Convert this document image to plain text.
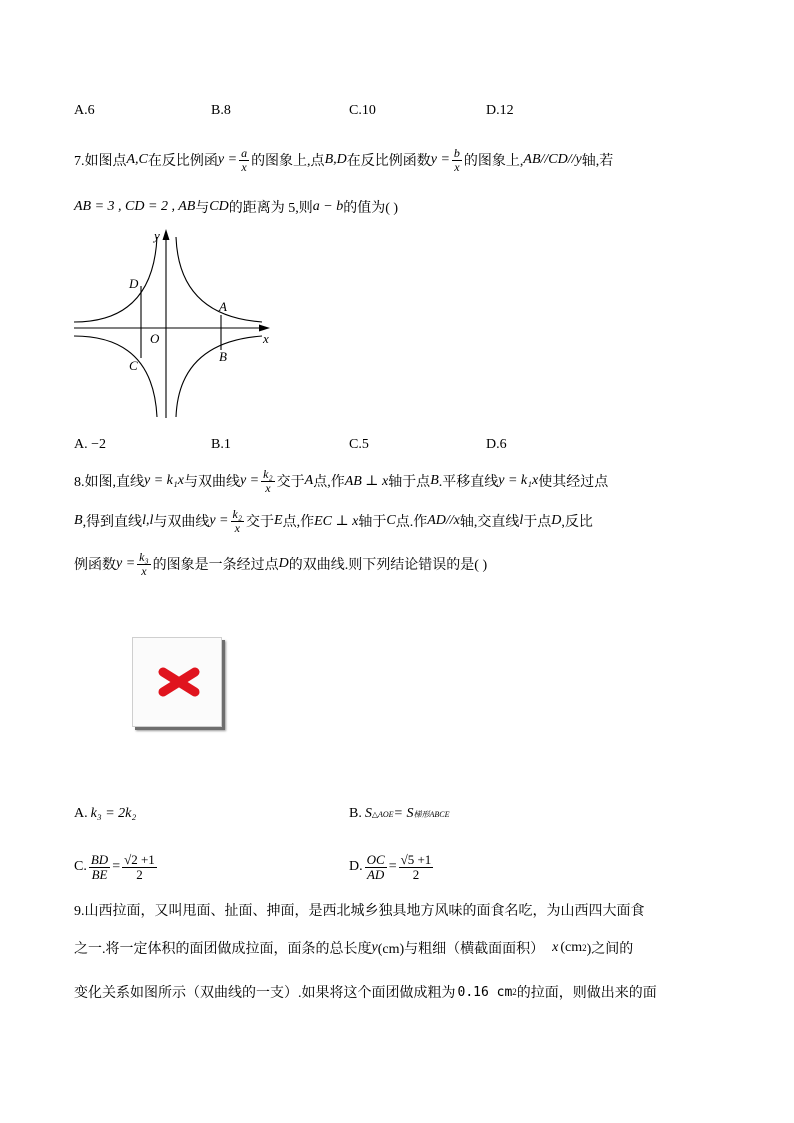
A.6	B.8	C.10	D.12
7.如图点 A,C 在反比例函 $y = \frac{a}{x}$ 的图象上,点 B,D 在反比例函数 $y = \frac{b}{x}$ 的图象上, AB//CD//y 轴,若
AB = 3 , CD = 2 , AB 与 CD 的距离为 5,则 a − b 的值为( )
y
x
O
A
B
C
D
A. −2	B.1	C.5	D.6
8.如图,直线 y = k₁x 与双曲线 $y = \frac{\text{k₂}}{x}$ 交于 A 点,作 AB ⊥ x 轴于点 B .平移直线 y = k₁x 使其经过点
B ,得到直线 l , l 与双曲线 $y = \frac{\text{k₂}}{x}$ 交于 E 点,作 EC ⊥ x 轴于 C 点.作 AD//x 轴,交直线 l 于点 D ,反比
例函数 $y = \frac{\text{k₃}}{x}$ 的图象是一条经过点 D 的双曲线.则下列结论错误的是( )
A. k₃ = 2k₂	B. S △AOE = S 梯形ABCE
C. $\frac{BD}{BE} = \frac{√2 +1}{2}$	D. $\frac{OC}{AD} = \frac{√5 +1}{2}$
9.山西拉面，又叫甩面、扯面、抻面，是西北城乡独具地方风味的面食名吃，为山西四大面食
之一.将一定体积的面团做成拉面，面条的总长度 y (cm)与粗细（横截面面积） x (cm 2 )之间的
变化关系如图所示（双曲线的一支）.如果将这个面团做成粗为 0.16 cm 2 的拉面，则做出来的面
